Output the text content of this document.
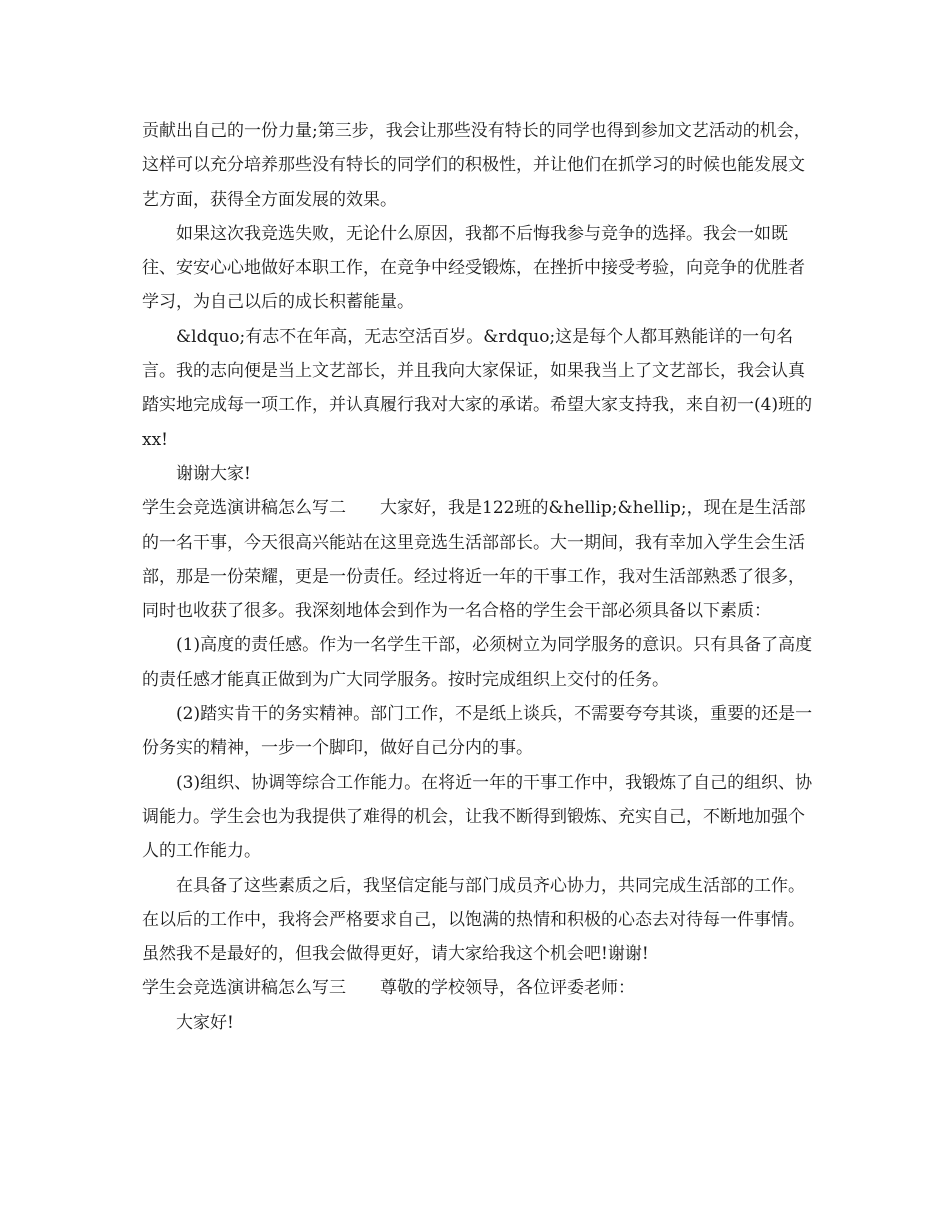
贡献出自己的一份力量;第三步，我会让那些没有特长的同学也得到参加文艺活动的机会，这样可以充分培养那些没有特长的同学们的积极性，并让他们在抓学习的时候也能发展文艺方面，获得全方面发展的效果。

如果这次我竞选失败，无论什么原因，我都不后悔我参与竞争的选择。我会一如既往、安安心心地做好本职工作，在竞争中经受锻炼，在挫折中接受考验，向竞争的优胜者学习，为自己以后的成长积蓄能量。

&ldquo;有志不在年高，无志空活百岁。&rdquo;这是每个人都耳熟能详的一句名言。我的志向便是当上文艺部长，并且我向大家保证，如果我当上了文艺部长，我会认真踏实地完成每一项工作，并认真履行我对大家的承诺。希望大家支持我，来自初一(4)班的xx!

谢谢大家!

学生会竞选演讲稿怎么写二　　大家好，我是122班的&hellip;&hellip;，现在是生活部的一名干事，今天很高兴能站在这里竞选生活部部长。大一期间，我有幸加入学生会生活部，那是一份荣耀，更是一份责任。经过将近一年的干事工作，我对生活部熟悉了很多，同时也收获了很多。我深刻地体会到作为一名合格的学生会干部必须具备以下素质：

(1)高度的责任感。作为一名学生干部，必须树立为同学服务的意识。只有具备了高度的责任感才能真正做到为广大同学服务。按时完成组织上交付的任务。

(2)踏实肯干的务实精神。部门工作，不是纸上谈兵，不需要夸夸其谈，重要的还是一份务实的精神，一步一个脚印，做好自己分内的事。

(3)组织、协调等综合工作能力。在将近一年的干事工作中，我锻炼了自己的组织、协调能力。学生会也为我提供了难得的机会，让我不断得到锻炼、充实自己，不断地加强个人的工作能力。

在具备了这些素质之后，我坚信定能与部门成员齐心协力，共同完成生活部的工作。在以后的工作中，我将会严格要求自己，以饱满的热情和积极的心态去对待每一件事情。虽然我不是最好的，但我会做得更好，请大家给我这个机会吧!谢谢!

学生会竞选演讲稿怎么写三　　尊敬的学校领导，各位评委老师：

大家好!
